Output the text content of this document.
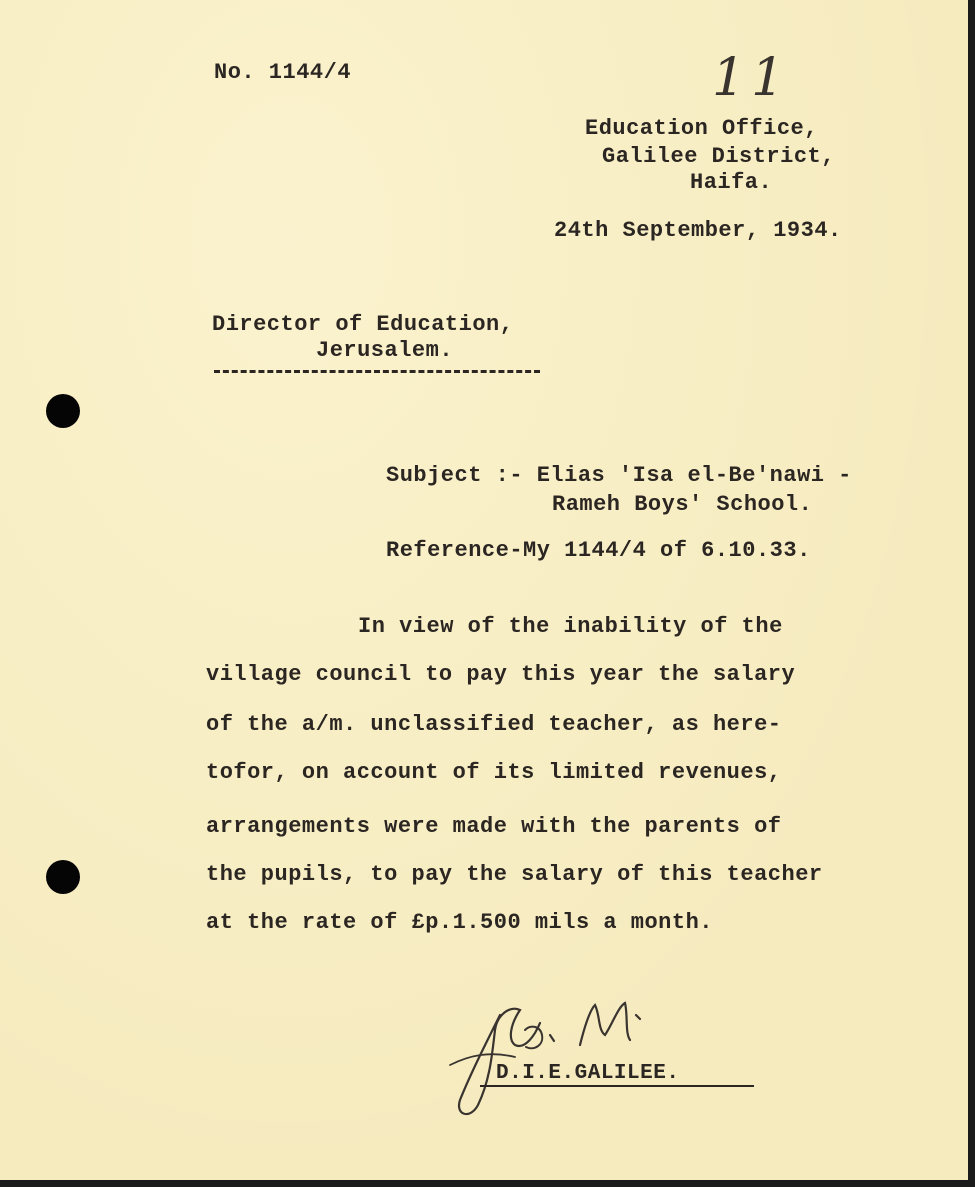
No. 1144/4	11
Education Office,
Galilee District,
Haifa.
24th September, 1934.
Director of Education,
Jerusalem.
Subject :- Elias 'Isa el-Be'nawi -
Rameh Boys' School.
Reference-My 1144/4 of 6.10.33.
In view of the inability of the
village council to pay this year the salary
of the a/m. unclassified teacher, as here-
tofor, on account of its limited revenues,
arrangements were made with the parents of
the pupils, to pay the salary of this teacher
at the rate of £p.1.500 mils a month.
D.I.E.GALILEE.
